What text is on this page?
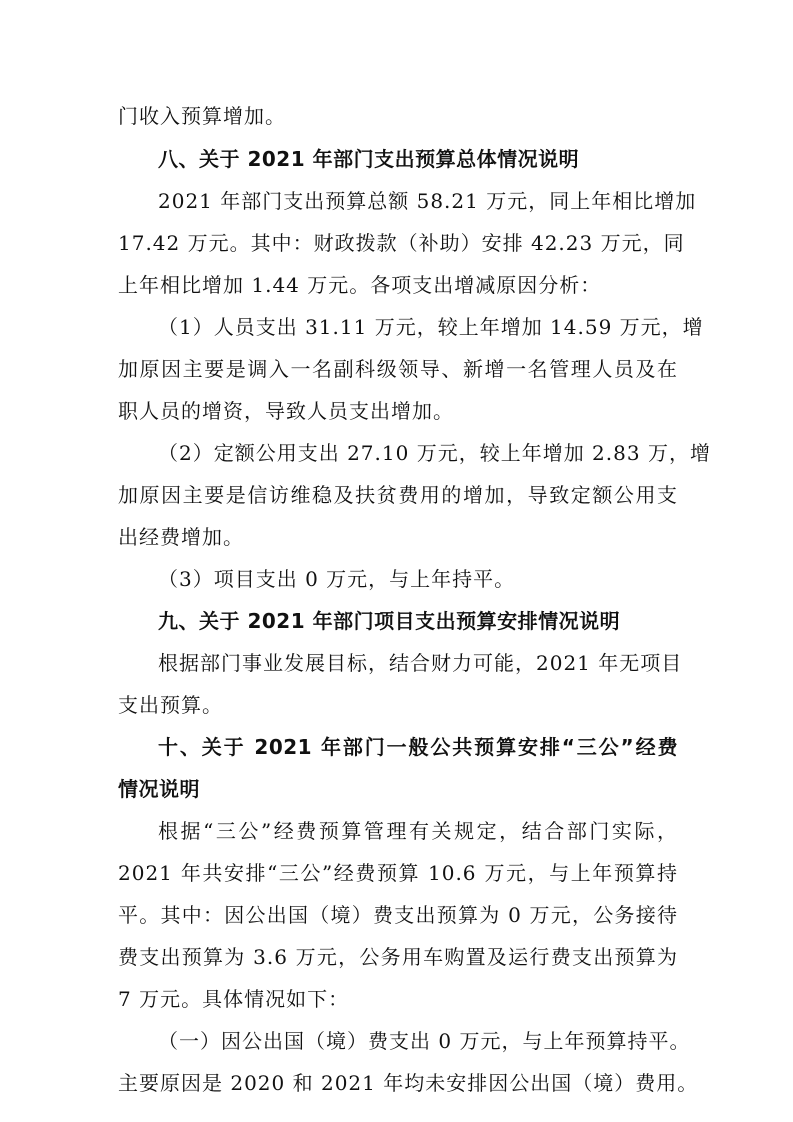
门收入预算增加。
八、关于 2021 年部门支出预算总体情况说明
2021 年部门支出预算总额 58.21 万元，同上年相比增加
17.42 万元。其中：财政拨款（补助）安排 42.23 万元，同
上年相比增加 1.44 万元。各项支出增减原因分析：
（1）人员支出 31.11 万元，较上年增加 14.59 万元，增
加原因主要是调入一名副科级领导、新增一名管理人员及在
职人员的增资，导致人员支出增加。
（2）定额公用支出 27.10 万元，较上年增加 2.83 万，增
加原因主要是信访维稳及扶贫费用的增加，导致定额公用支
出经费增加。
（3）项目支出 0 万元，与上年持平。
九、关于 2021 年部门项目支出预算安排情况说明
根据部门事业发展目标，结合财力可能，2021 年无项目
支出预算。
十、关于 2021 年部门一般公共预算安排“三公”经费
情况说明
根据“三公”经费预算管理有关规定，结合部门实际，
2021 年共安排“三公”经费预算 10.6 万元，与上年预算持
平。其中：因公出国（境）费支出预算为 0 万元，公务接待
费支出预算为 3.6 万元，公务用车购置及运行费支出预算为
7 万元。具体情况如下：
（一）因公出国（境）费支出 0 万元，与上年预算持平。
主要原因是 2020 和 2021 年均未安排因公出国（境）费用。
